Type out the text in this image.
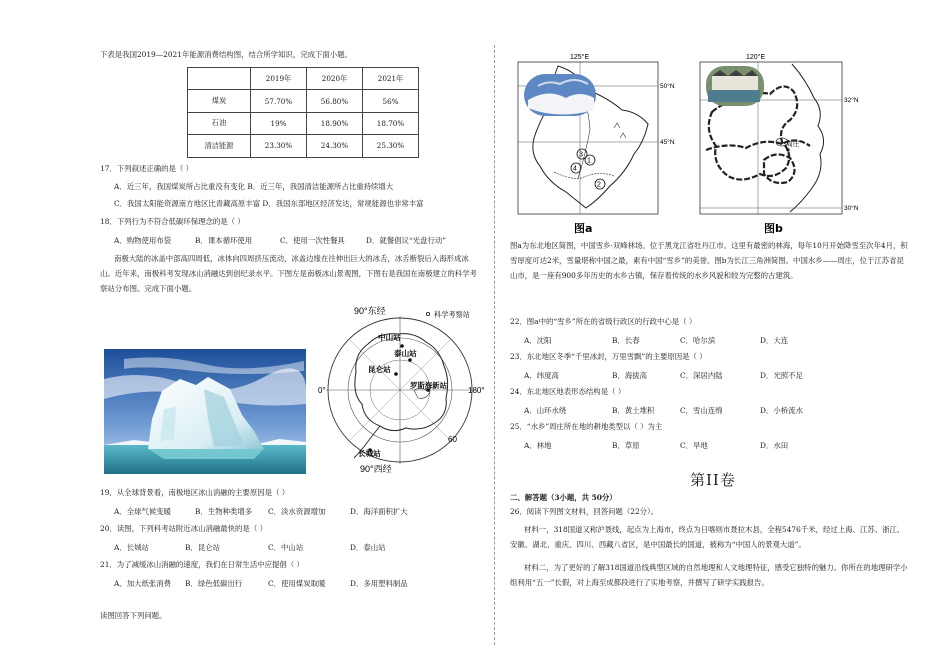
下表是我国2019—2021年能源消费结构图，结合所学知识，完成下面小题。
	2019年	2020年	2021年
煤炭	57.70%	56.80%	56%
石油	19%	18.90%	18.70%
清洁能源	23.30%	24.30%	25.30%
17．下列叙述正确的是（ ）
A．近三年，我国煤炭所占比重没有变化 B．近三年，我国清洁能源所占比重持续增大
C．我国太阳能资源南方地区比青藏高原丰富 D．我国东部地区经济发达，常规能源也非常丰富
18．下列行为不符合低碳环保理念的是（ ）
A．购物使用布袋	B．课本循环使用	C．使用一次性餐具	D．就餐倡议“光盘行动”
南极大陆的冰盖中部高四周低，冰体向四周挤压流动，冰盖边缘在往伸出巨大的冰舌，冰舌断裂后入海形成冰山。近年来，南极科考发现冰山消融达到创纪录水平。下图左是南极冰山景观图，下图右是我国在南极建立的科学考察站分布图。完成下面小题。
科学考察站
90°东经
90°西经
0°	180°
60
中山站
泰山站
昆仑站
罗斯海新站
长城站
19．从全球背景看，南极地区冰山消融的主要原因是（ ）
A．全球气候变暖	B．生物种类增多 C．淡水资源增加	D．海洋面积扩大
20．读图，下列科考站附近冰山消融最快的是（ ）
A．长城站	B．昆仑站	C．中山站	D．泰山站
21．为了减缓冰山消融的速度，我们在日常生活中应提倡（ ）
A．加大纸张消费 B．绿色低碳出行	C．使用煤炭取暖	D．多用塑料制品
读图回答下列问题。
125°E
50°N
45°N
1
2
3
4
图a
120°E
32°N
30°N
周庄
图b
图a为东北地区简图，中国雪乡·双峰林场。位于黑龙江省牡丹江市。这里有最密的林海，每年10月开始降雪至次年4月，积雪厚度可达2米，雪量堪称中国之最，素有中国“雪乡”的美誉。图b为长江三角洲简图。中国水乡——周庄，位于江苏省昆山市，是一座有900多年历史的水乡古镇，保存着传统的水乡风貌和较为完整的古建筑。
22．图a中的“雪乡”所在的省级行政区的行政中心是（ ）
A．沈阳	B．长春	C．哈尔滨	D．大连
23．东北地区冬季“千里冰封，万里雪飘”的主要原因是（ ）
A．纬度高	B．海拔高	C．深居内陆	D．光照不足
24．东北地区地表形态结构是（ ）
A．山环水绕	B．黄土堆积	C．雪山连绵	D．小桥流水
25．“水乡”周庄所在地的耕地类型以（ ）为主
A．林地	B．草原	C．旱地	D．水田
第II卷
二、解答题（3小题，共 50分）
26．阅读下列图文材料，回答问题（22分）。
材料一，318国道又称沪聂线，起点为上海市，终点为日喀则市聂拉木县，全程5476千米，经过上海、江苏、浙江、安徽、湖北、重庆、四川、西藏八省区，是中国最长的国道，被称为“中国人的景观大道”。
材料二，为了更好的了解318国道沿线典型区域的自然地理和人文地理特征，感受它独特的魅力。你所在的地理研学小组利用“五一”长假，对上海至成都段进行了实地考察，并撰写了研学实践报告。
